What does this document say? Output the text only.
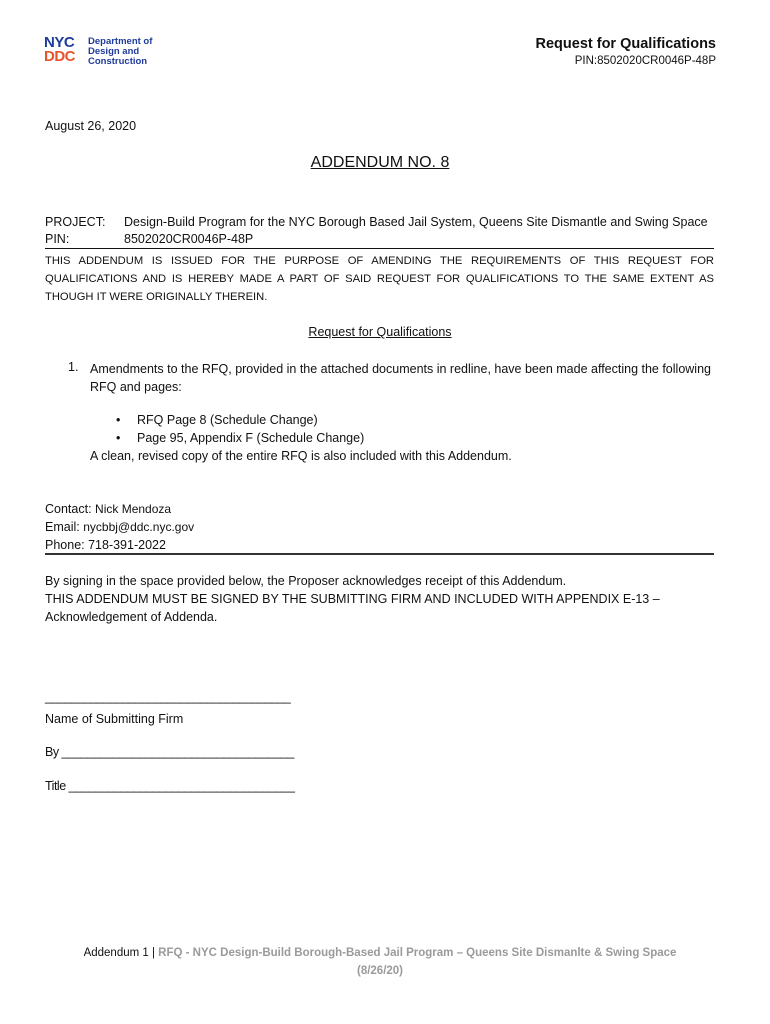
NYC
DDC
Department of
Design and
Construction
Request for Qualifications
PIN:8502020CR0046P-48P
August 26, 2020
ADDENDUM NO. 8
PROJECT:
PIN:
Design-Build Program for the NYC Borough Based Jail System, Queens Site Dismantle and Swing Space
8502020CR0046P-48P
THIS ADDENDUM IS ISSUED FOR THE PURPOSE OF AMENDING THE REQUIREMENTS OF THIS REQUEST FOR QUALIFICATIONS AND IS HEREBY MADE A PART OF SAID REQUEST FOR QUALIFICATIONS TO THE SAME EXTENT AS THOUGH IT WERE ORIGINALLY THEREIN.
Request for Qualifications
1. Amendments to the RFQ, provided in the attached documents in redline, have been made affecting the following RFQ and pages:
• RFQ Page 8 (Schedule Change)
• Page 95, Appendix F (Schedule Change)
A clean, revised copy of the entire RFQ is also included with this Addendum.
Contact: Nick Mendoza
Email: nycbbj@ddc.nyc.gov
Phone: 718-391-2022
By signing in the space provided below, the Proposer acknowledges receipt of this Addendum.
THIS ADDENDUM MUST BE SIGNED BY THE SUBMITTING FIRM AND INCLUDED WITH APPENDIX E-13 – Acknowledgement of Addenda.
______________________________________
Name of Submitting Firm
By ____________________________________
Title ___________________________________
Addendum 1 | RFQ - NYC Design-Build Borough-Based Jail Program – Queens Site Dismanlte & Swing Space
(8/26/20)
